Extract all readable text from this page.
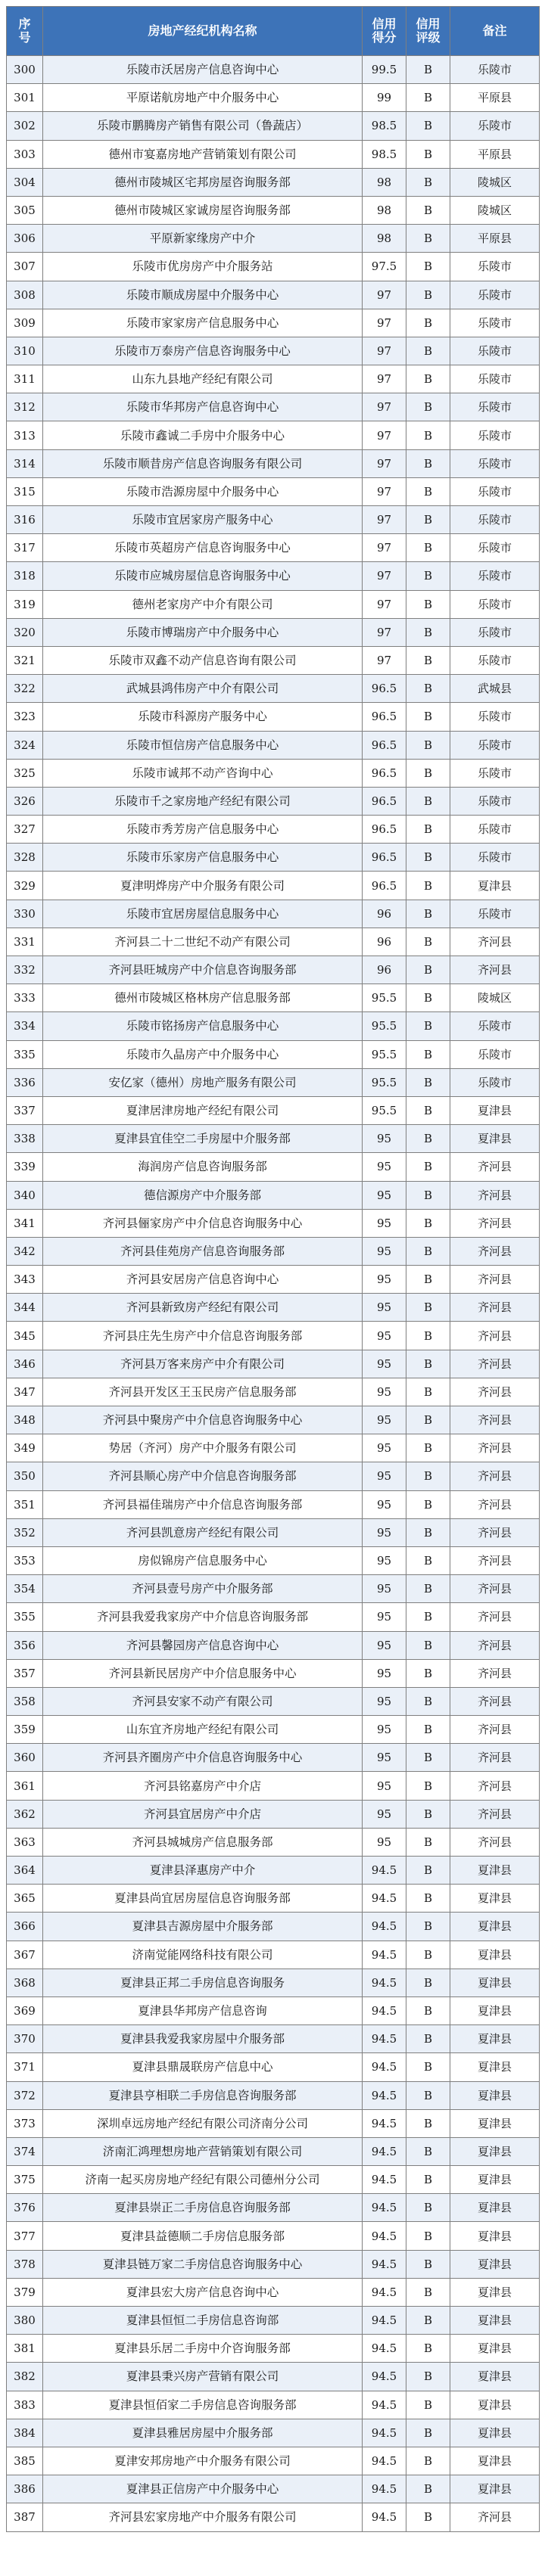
序号	房地产经纪机构名称	信用得分	信用评级	备注
300	乐陵市沃居房产信息咨询中心	99.5	B	乐陵市
301	平原诺航房地产中介服务中心	99	B	平原县
302	乐陵市鹏腾房产销售有限公司（鲁蔬店）	98.5	B	乐陵市
303	德州市宴嘉房地产营销策划有限公司	98.5	B	平原县
304	德州市陵城区宅邦房屋咨询服务部	98	B	陵城区
305	德州市陵城区家诚房屋咨询服务部	98	B	陵城区
306	平原新家缘房产中介	98	B	平原县
307	乐陵市优房房产中介服务站	97.5	B	乐陵市
308	乐陵市顺成房屋中介服务中心	97	B	乐陵市
309	乐陵市家家房产信息服务中心	97	B	乐陵市
310	乐陵市万泰房产信息咨询服务中心	97	B	乐陵市
311	山东九县地产经纪有限公司	97	B	乐陵市
312	乐陵市华邦房产信息咨询中心	97	B	乐陵市
313	乐陵市鑫诚二手房中介服务中心	97	B	乐陵市
314	乐陵市顺昔房产信息咨询服务有限公司	97	B	乐陵市
315	乐陵市浩源房屋中介服务中心	97	B	乐陵市
316	乐陵市宜居家房产服务中心	97	B	乐陵市
317	乐陵市英超房产信息咨询服务中心	97	B	乐陵市
318	乐陵市应城房屋信息咨询服务中心	97	B	乐陵市
319	德州老家房产中介有限公司	97	B	乐陵市
320	乐陵市博瑞房产中介服务中心	97	B	乐陵市
321	乐陵市双鑫不动产信息咨询有限公司	97	B	乐陵市
322	武城县鸿伟房产中介有限公司	96.5	B	武城县
323	乐陵市科源房产服务中心	96.5	B	乐陵市
324	乐陵市恒信房产信息服务中心	96.5	B	乐陵市
325	乐陵市诚邦不动产咨询中心	96.5	B	乐陵市
326	乐陵市千之家房地产经纪有限公司	96.5	B	乐陵市
327	乐陵市秀芳房产信息服务中心	96.5	B	乐陵市
328	乐陵市乐家房产信息服务中心	96.5	B	乐陵市
329	夏津明烨房产中介服务有限公司	96.5	B	夏津县
330	乐陵市宜居房屋信息服务中心	96	B	乐陵市
331	齐河县二十二世纪不动产有限公司	96	B	齐河县
332	齐河县旺城房产中介信息咨询服务部	96	B	齐河县
333	德州市陵城区格林房产信息服务部	95.5	B	陵城区
334	乐陵市铭扬房产信息服务中心	95.5	B	乐陵市
335	乐陵市久晶房产中介服务中心	95.5	B	乐陵市
336	安亿家（德州）房地产服务有限公司	95.5	B	乐陵市
337	夏津居津房地产经纪有限公司	95.5	B	夏津县
338	夏津县宜佳空二手房屋中介服务部	95	B	夏津县
339	海润房产信息咨询服务部	95	B	齐河县
340	德信源房产中介服务部	95	B	齐河县
341	齐河县俪家房产中介信息咨询服务中心	95	B	齐河县
342	齐河县佳苑房产信息咨询服务部	95	B	齐河县
343	齐河县安居房产信息咨询中心	95	B	齐河县
344	齐河县新致房产经纪有限公司	95	B	齐河县
345	齐河县庄先生房产中介信息咨询服务部	95	B	齐河县
346	齐河县万客来房产中介有限公司	95	B	齐河县
347	齐河县开发区王玉民房产信息服务部	95	B	齐河县
348	齐河县中聚房产中介信息咨询服务中心	95	B	齐河县
349	势居（齐河）房产中介服务有限公司	95	B	齐河县
350	齐河县顺心房产中介信息咨询服务部	95	B	齐河县
351	齐河县福佳瑞房产中介信息咨询服务部	95	B	齐河县
352	齐河县凯意房产经纪有限公司	95	B	齐河县
353	房似锦房产信息服务中心	95	B	齐河县
354	齐河县壹号房产中介服务部	95	B	齐河县
355	齐河县我爱我家房产中介信息咨询服务部	95	B	齐河县
356	齐河县馨园房产信息咨询中心	95	B	齐河县
357	齐河县新民居房产中介信息服务中心	95	B	齐河县
358	齐河县安家不动产有限公司	95	B	齐河县
359	山东宜齐房地产经纪有限公司	95	B	齐河县
360	齐河县齐圈房产中介信息咨询服务中心	95	B	齐河县
361	齐河县铭嘉房产中介店	95	B	齐河县
362	齐河县宜居房产中介店	95	B	齐河县
363	齐河县城城房产信息服务部	95	B	齐河县
364	夏津县泽惠房产中介	94.5	B	夏津县
365	夏津县尚宜居房屋信息咨询服务部	94.5	B	夏津县
366	夏津县吉源房屋中介服务部	94.5	B	夏津县
367	济南觉能网络科技有限公司	94.5	B	夏津县
368	夏津县正邦二手房信息咨询服务	94.5	B	夏津县
369	夏津县华邦房产信息咨询	94.5	B	夏津县
370	夏津县我爱我家房屋中介服务部	94.5	B	夏津县
371	夏津县鼎晟联房产信息中心	94.5	B	夏津县
372	夏津县亨相联二手房信息咨询服务部	94.5	B	夏津县
373	深圳卓远房地产经纪有限公司济南分公司	94.5	B	夏津县
374	济南汇鸿理想房地产营销策划有限公司	94.5	B	夏津县
375	济南一起买房房地产经纪有限公司德州分公司	94.5	B	夏津县
376	夏津县崇正二手房信息咨询服务部	94.5	B	夏津县
377	夏津县益德顺二手房信息服务部	94.5	B	夏津县
378	夏津县链万家二手房信息咨询服务中心	94.5	B	夏津县
379	夏津县宏大房产信息咨询中心	94.5	B	夏津县
380	夏津县恒恒二手房信息咨询部	94.5	B	夏津县
381	夏津县乐居二手房中介咨询服务部	94.5	B	夏津县
382	夏津县秉兴房产营销有限公司	94.5	B	夏津县
383	夏津县恒佰家二手房信息咨询服务部	94.5	B	夏津县
384	夏津县雅居房屋中介服务部	94.5	B	夏津县
385	夏津安邦房地产中介服务有限公司	94.5	B	夏津县
386	夏津县正信房产中介服务中心	94.5	B	夏津县
387	齐河县宏家房地产中介服务有限公司	94.5	B	齐河县
